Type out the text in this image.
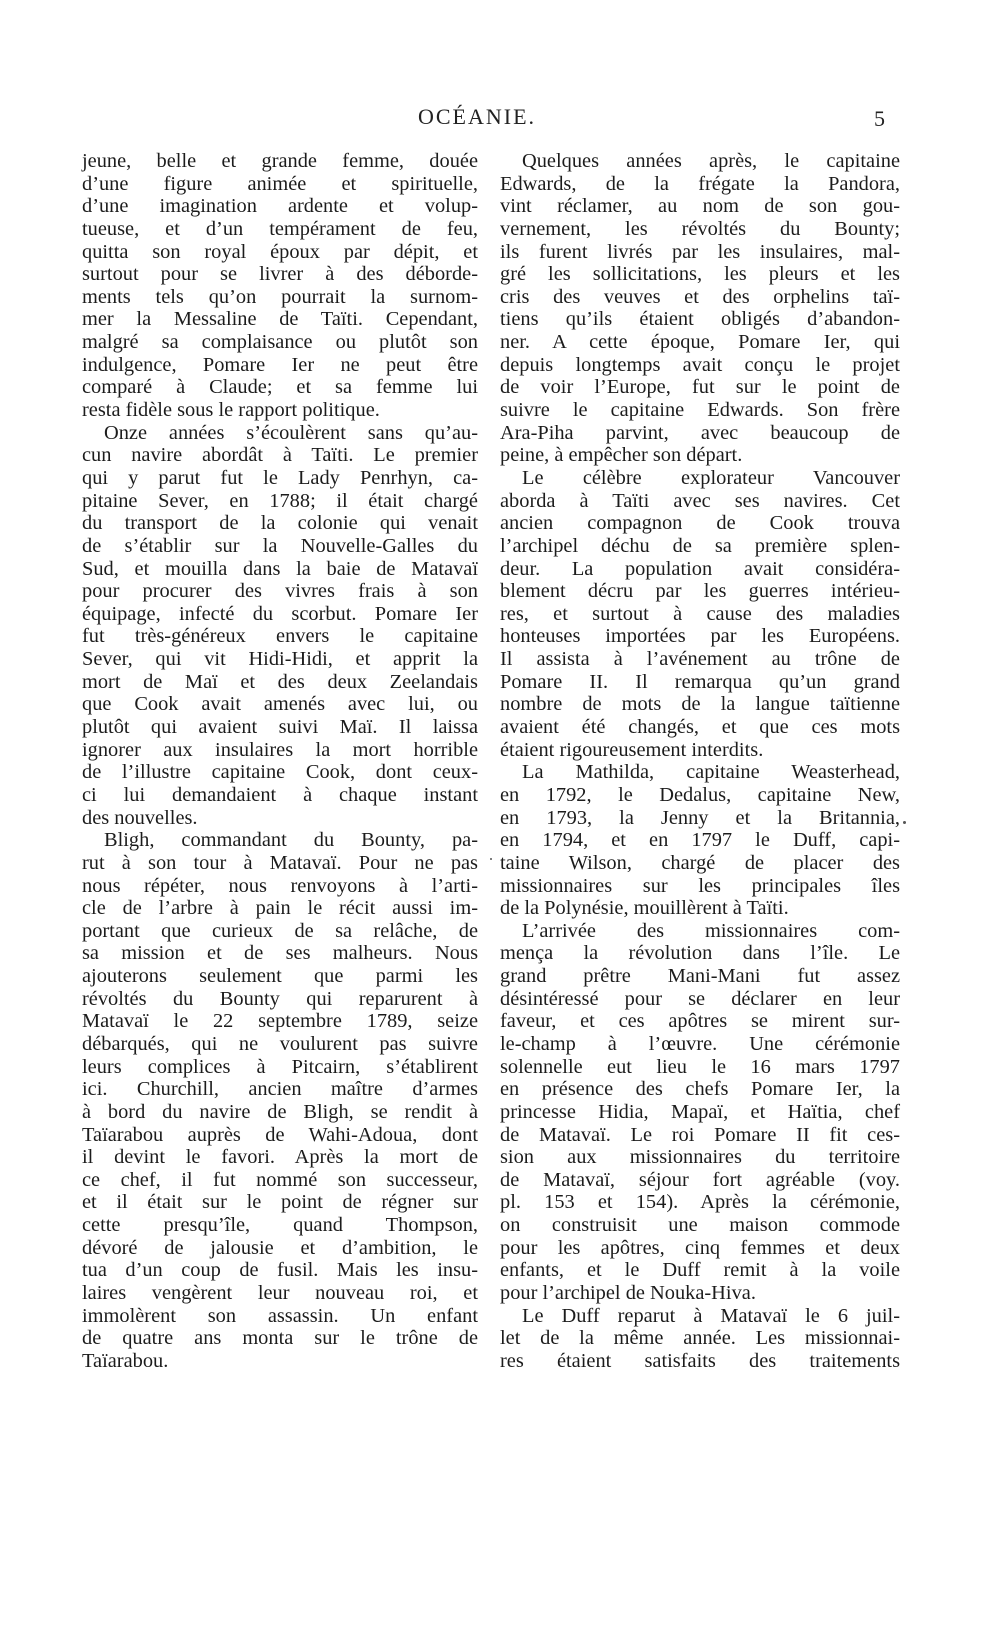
OCÉANIE.	5
jeune, belle et grande femme, douée
d’une figure animée et spirituelle,
d’une imagination ardente et volup-
tueuse, et d’un tempérament de feu,
quitta son royal époux par dépit, et
surtout pour se livrer à des déborde-
ments tels qu’on pourrait la surnom-
mer la Messaline de Taïti. Cependant,
malgré sa complaisance ou plutôt son
indulgence, Pomare Ier ne peut être
comparé à Claude; et sa femme lui
resta fidèle sous le rapport politique.
Onze années s’écoulèrent sans qu’au-
cun navire abordât à Taïti. Le premier
qui y parut fut le Lady Penrhyn, ca-
pitaine Sever, en 1788; il était chargé
du transport de la colonie qui venait
de s’établir sur la Nouvelle-Galles du
Sud, et mouilla dans la baie de Matavaï
pour procurer des vivres frais à son
équipage, infecté du scorbut. Pomare Ier
fut très-généreux envers le capitaine
Sever, qui vit Hidi-Hidi, et apprit la
mort de Maï et des deux Zeelandais
que Cook avait amenés avec lui, ou
plutôt qui avaient suivi Maï. Il laissa
ignorer aux insulaires la mort horrible
de l’illustre capitaine Cook, dont ceux-
ci lui demandaient à chaque instant
des nouvelles.
Bligh, commandant du Bounty, pa-
rut à son tour à Matavaï. Pour ne pas
nous répéter, nous renvoyons à l’arti-
cle de l’arbre à pain le récit aussi im-
portant que curieux de sa relâche, de
sa mission et de ses malheurs. Nous
ajouterons seulement que parmi les
révoltés du Bounty qui reparurent à
Matavaï le 22 septembre 1789, seize
débarqués, qui ne voulurent pas suivre
leurs complices à Pitcairn, s’établirent
ici. Churchill, ancien maître d’armes
à bord du navire de Bligh, se rendit à
Taïarabou auprès de Wahi-Adoua, dont
il devint le favori. Après la mort de
ce chef, il fut nommé son successeur,
et il était sur le point de régner sur
cette presqu’île, quand Thompson,
dévoré de jalousie et d’ambition, le
tua d’un coup de fusil. Mais les insu-
laires vengèrent leur nouveau roi, et
immolèrent son assassin. Un enfant
de quatre ans monta sur le trône de
Taïarabou.
Quelques années après, le capitaine
Edwards, de la frégate la Pandora,
vint réclamer, au nom de son gou-
vernement, les révoltés du Bounty;
ils furent livrés par les insulaires, mal-
gré les sollicitations, les pleurs et les
cris des veuves et des orphelins taï-
tiens qu’ils étaient obligés d’abandon-
ner. A cette époque, Pomare Ier, qui
depuis longtemps avait conçu le projet
de voir l’Europe, fut sur le point de
suivre le capitaine Edwards. Son frère
Ara-Piha parvint, avec beaucoup de
peine, à empêcher son départ.
Le célèbre explorateur Vancouver
aborda à Taïti avec ses navires. Cet
ancien compagnon de Cook trouva
l’archipel déchu de sa première splen-
deur. La population avait considéra-
blement décru par les guerres intérieu-
res, et surtout à cause des maladies
honteuses importées par les Européens.
Il assista à l’avénement au trône de
Pomare II. Il remarqua qu’un grand
nombre de mots de la langue taïtienne
avaient été changés, et que ces mots
étaient rigoureusement interdits.
La Mathilda, capitaine Weasterhead,
en 1792, le Dedalus, capitaine New,
en 1793, la Jenny et la Britannia,
en 1794, et en 1797 le Duff, capi-
taine Wilson, chargé de placer des
missionnaires sur les principales îles
de la Polynésie, mouillèrent à Taïti.
L’arrivée des missionnaires com-
mença la révolution dans l’île. Le
grand prêtre Mani-Mani fut assez
désintéressé pour se déclarer en leur
faveur, et ces apôtres se mirent sur-
le-champ à l’œuvre. Une cérémonie
solennelle eut lieu le 16 mars 1797
en présence des chefs Pomare Ier, la
princesse Hidia, Mapaï, et Haïtia, chef
de Matavaï. Le roi Pomare II fit ces-
sion aux missionnaires du territoire
de Matavaï, séjour fort agréable (voy.
pl. 153 et 154). Après la cérémonie,
on construisit une maison commode
pour les apôtres, cinq femmes et deux
enfants, et le Duff remit à la voile
pour l’archipel de Nouka-Hiva.
Le Duff reparut à Matavaï le 6 juil-
let de la même année. Les missionnai-
res étaient satisfaits des traitements
